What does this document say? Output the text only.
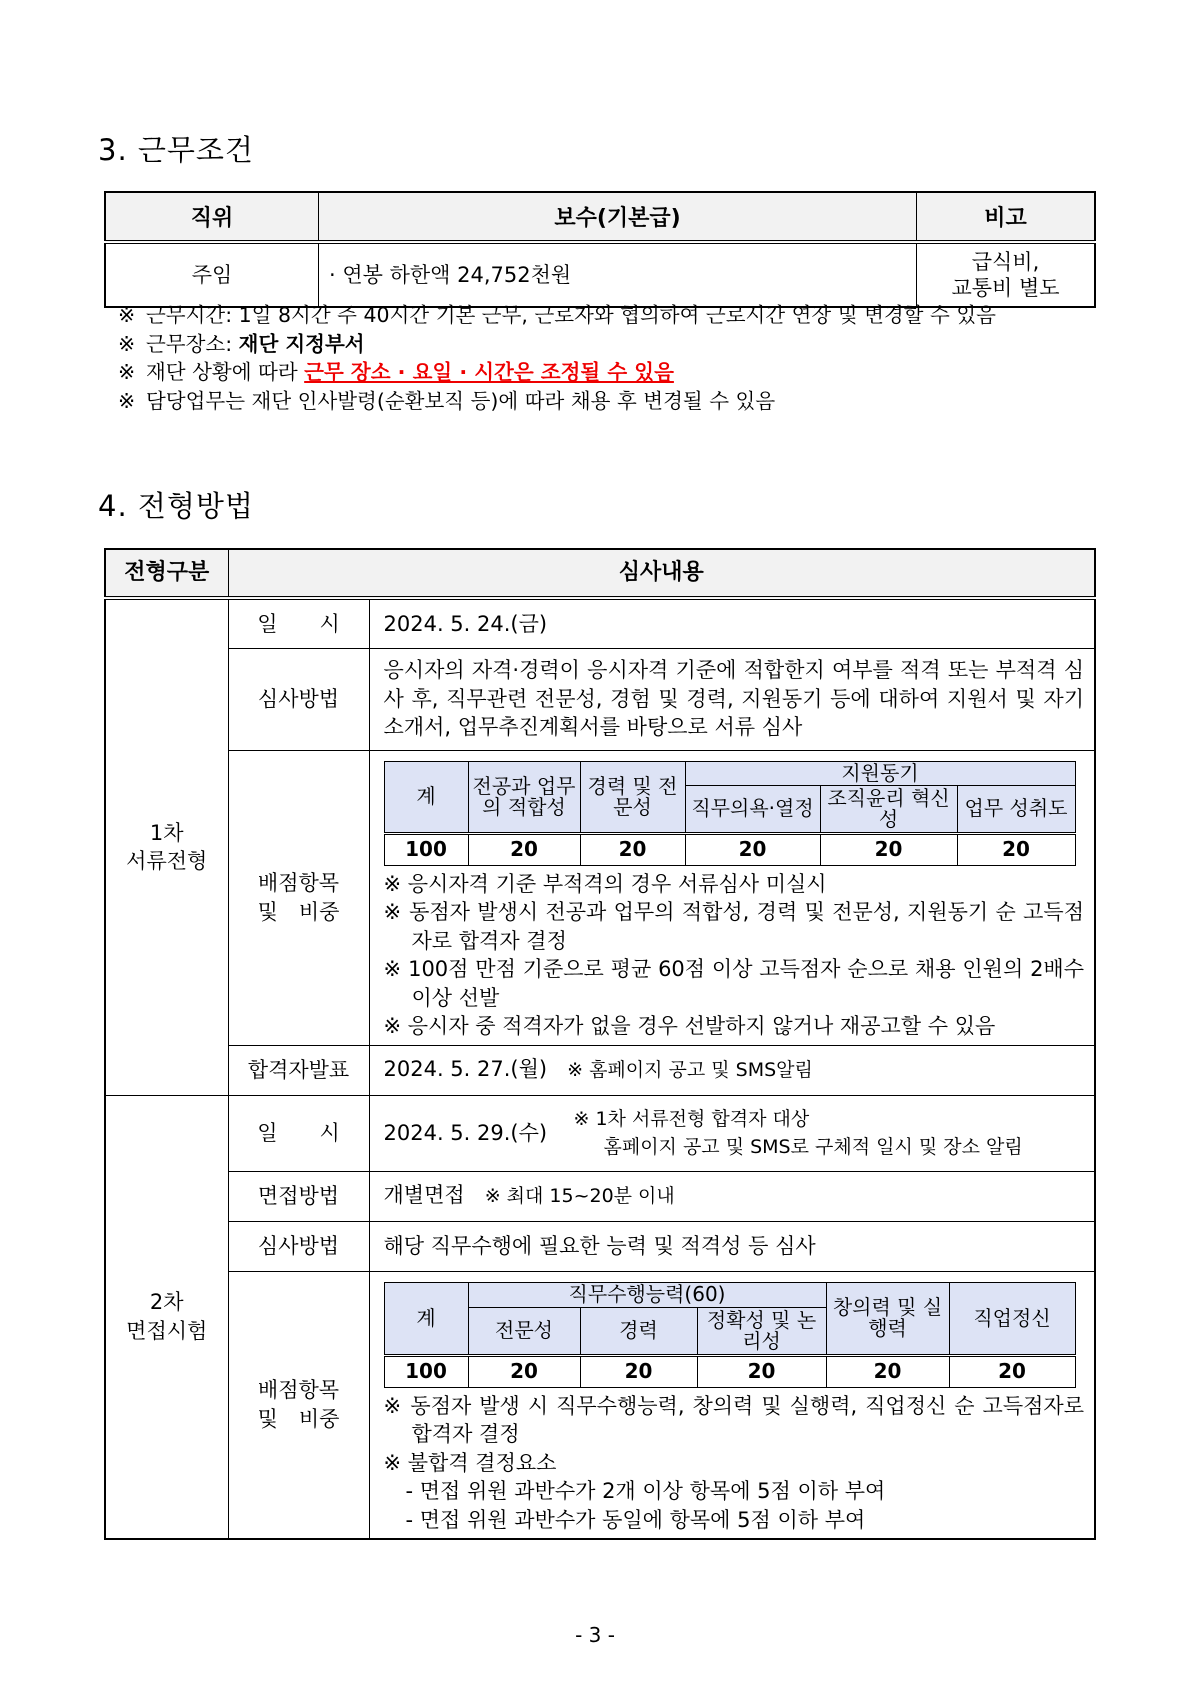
3. 근무조건
직위	보수(기본급)	비고
주임	· 연봉 하한액 24,752천원	급식비,
교통비 별도
※ 근무시간: 1일 8시간 주 40시간 기본 근무, 근로자와 협의하여 근로시간 연장 및 변경할 수 있음
※ 근무장소: 재단 지정부서
※ 재단 상황에 따라 근무 장소 · 요일 · 시간은 조정될 수 있음
※ 담당업무는 재단 인사발령(순환보직 등)에 따라 채용 후 변경될 수 있음
4. 전형방법
전형구분	심사내용

1차
서류전형
	일　　시	2024. 5. 24.(금)
심사방법	응시자의 자격·경력이 응시자격 기준에 적합한지 여부를 적격 또는 부적격 심사 후, 직무관련 전문성, 경험 및 경력, 지원동기 등에 대하여 지원서 및 자기소개서, 업무추진계획서를 바탕으로 서류 심사

배점항목
및　비중

계	전공과 업무의 적합성	경력 및 전문성	지원동기
직무의욕·열정	조직윤리 혁신성	업무 성취도
100	20	20	20	20	20
※ 응시자격 기준 부적격의 경우 서류심사 미실시
※ 동점자 발생시 전공과 업무의 적합성, 경력 및 전문성, 지원동기 순 고득점자로 합격자 결정
※ 100점 만점 기준으로 평균 60점 이상 고득점자 순으로 채용 인원의 2배수 이상 선발
※ 응시자 중 적격자가 없을 경우 선발하지 않거나 재공고할 수 있음

합격자발표	2024. 5. 27.(월) ※ 홈페이지 공고 및 SMS알림

2차
면접시험
	일　　시	2024. 5. 29.(수)
※ 1차 서류전형 합격자 대상
홈페이지 공고 및 SMS로 구체적 일시 및 장소 알림

면접방법	개별면접 ※ 최대 15~20분 이내
심사방법	해당 직무수행에 필요한 능력 및 적격성 등 심사

배점항목
및　비중

계	직무수행능력(60)	창의력 및 실행력	직업정신
전문성	경력	정확성 및 논리성
100	20	20	20	20	20
※ 동점자 발생 시 직무수행능력, 창의력 및 실행력, 직업정신 순 고득점자로 합격자 결정
※ 불합격 결정요소
- 면접 위원 과반수가 2개 이상 항목에 5점 이하 부여
- 면접 위원 과반수가 동일에 항목에 5점 이하 부여
- 3 -
